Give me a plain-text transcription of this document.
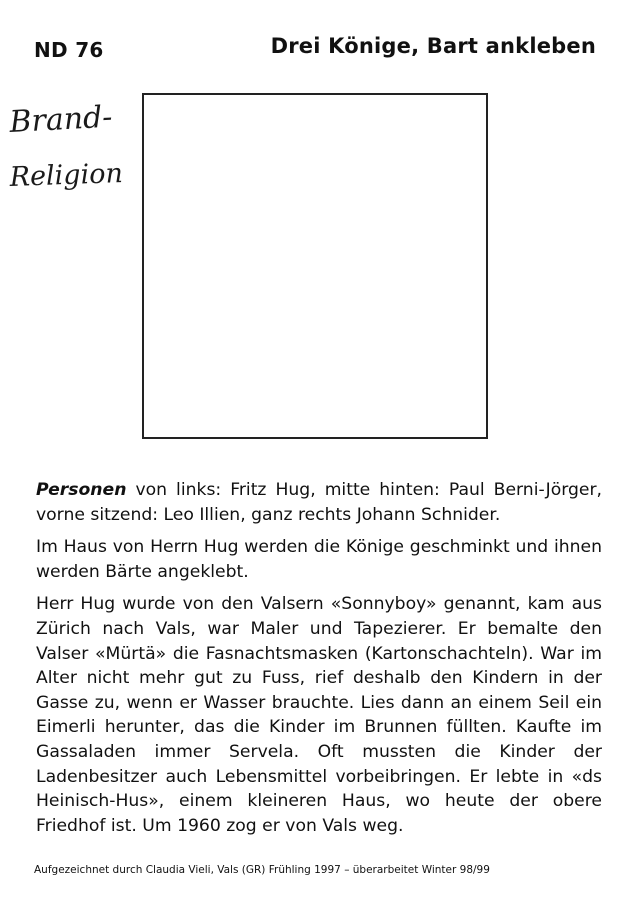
ND 76	Drei Könige, Bart ankleben
Brand-
Religion

Personen von links: Fritz Hug, mitte hinten: Paul Berni-Jörger, vorne sitzend: Leo Illien, ganz rechts Johann Schnider.

Im Haus von Herrn Hug werden die Könige geschminkt und ihnen werden Bärte angeklebt.

Herr Hug wurde von den Valsern «Sonnyboy» genannt, kam aus Zürich nach Vals, war Maler und Tapezierer. Er bemalte den Valser «Mürtä» die Fasnachtsmasken (Kartonschachteln). War im Alter nicht mehr gut zu Fuss, rief deshalb den Kindern in der Gasse zu, wenn er Wasser brauchte. Lies dann an einem Seil ein Eimerli herunter, das die Kinder im Brunnen füllten. Kaufte im Gassaladen immer Servela. Oft mussten die Kinder der Ladenbesitzer auch Lebensmittel vorbeibringen. Er lebte in «ds Heinisch-Hus», einem kleineren Haus, wo heute der obere Friedhof ist. Um 1960 zog er von Vals weg.

Aufgezeichnet durch Claudia Vieli, Vals (GR) Frühling 1997 – überarbeitet Winter 98/99
